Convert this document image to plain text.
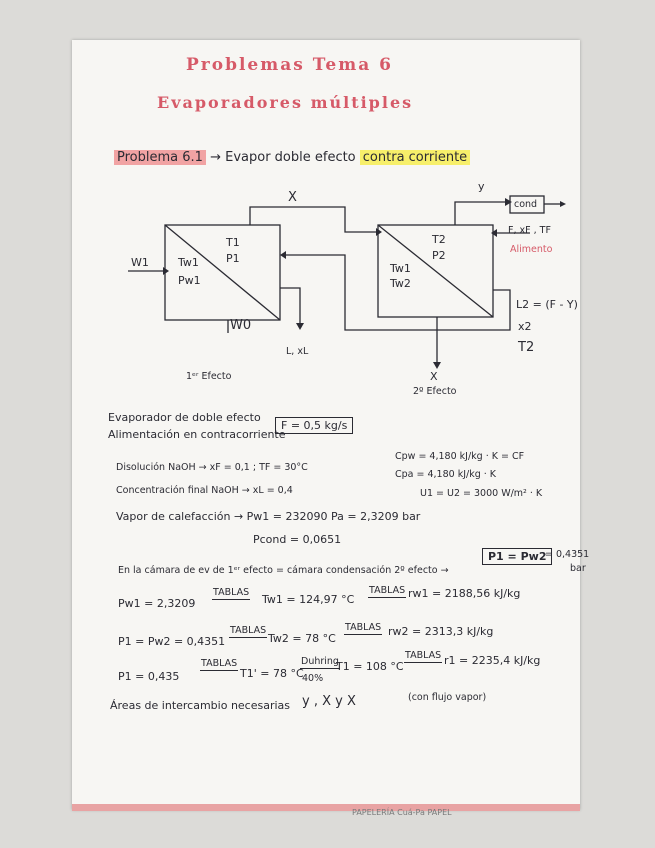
Problemas Tema 6
Evaporadores múltiples
Problema 6.1 → Evapor doble efecto contra corriente
X
y
cond
F, xF , TF
Alimento
W1
T1
P1
Tw1
Pw1
W0
L, xL
T2
P2
Tw1
Tw2
L2 = (F - Y)
x2
T2
X
1ᵉʳ Efecto
2º Efecto
Evaporador de doble efecto
Alimentación en contracorriente
F = 0,5 kg/s
Disolución NaOH → xF = 0,1 ; TF = 30°C
Concentración final NaOH → xL = 0,4
Cpw = 4,180 kJ/kg · K = CF
Cpa = 4,180 kJ/kg · K
U1 = U2 = 3000 W/m² · K
Vapor de calefacción → Pw1 = 232090 Pa = 2,3209 bar
Pcond = 0,0651
En la cámara de ev de 1ᵉʳ efecto = cámara condensación 2º efecto →
P1 = Pw2
= 0,4351
bar
Pw1 = 2,3209
TABLAS
Tw1 = 124,97 °C
TABLAS rw1 = 2188,56 kJ/kg
P1 = Pw2 = 0,4351
TABLAS
Tw2 = 78 °C
TABLAS rw2 = 2313,3 kJ/kg
P1 = 0,435
TABLAS
T1' = 78 °C
Duhring
40%
T1 = 108 °C
TABLAS r1 = 2235,4 kJ/kg
Áreas de intercambio necesarias y , X y X	(con flujo vapor)
PAPELERÍA Cuá-Pa PAPEL
